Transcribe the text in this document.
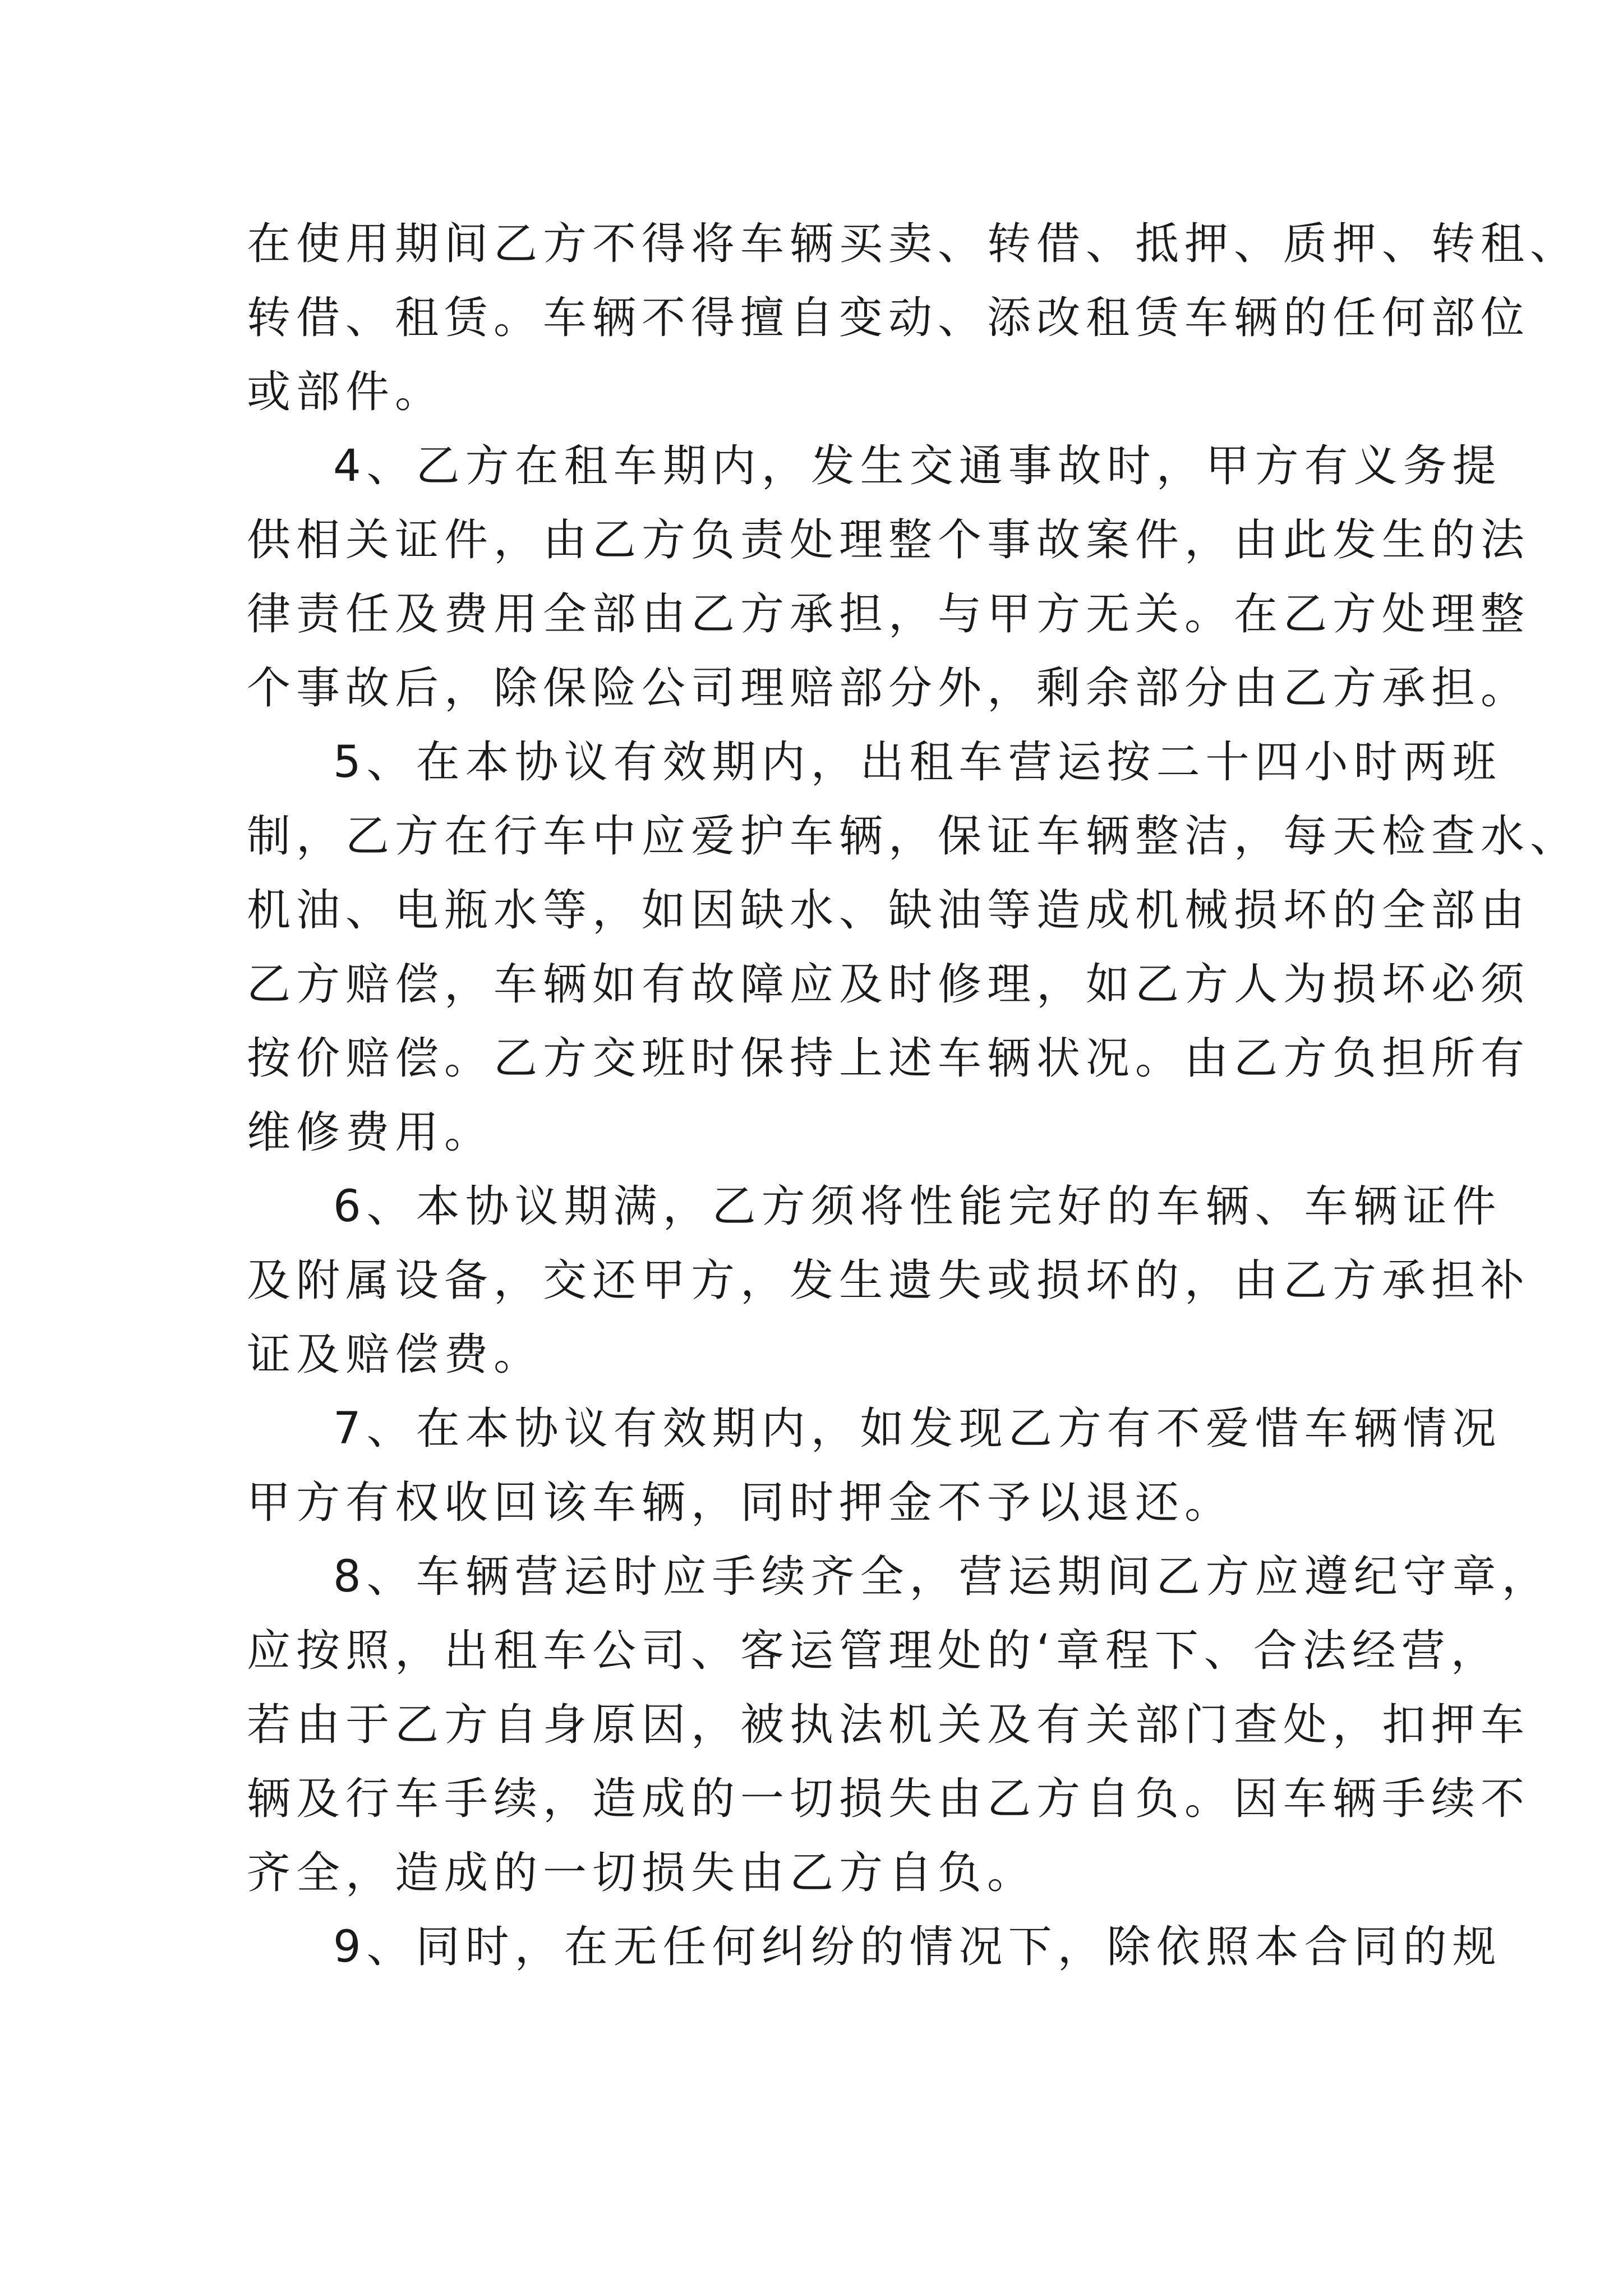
在使用期间乙方不得将车辆买卖、转借、抵押、质押、转租、
转借、租赁。车辆不得擅自变动、添改租赁车辆的任何部位
或部件。
4、乙方在租车期内，发生交通事故时，甲方有义务提
供相关证件，由乙方负责处理整个事故案件，由此发生的法
律责任及费用全部由乙方承担，与甲方无关。在乙方处理整
个事故后，除保险公司理赔部分外，剩余部分由乙方承担。
5、在本协议有效期内，出租车营运按二十四小时两班
制，乙方在行车中应爱护车辆，保证车辆整洁，每天检查水、
机油、电瓶水等，如因缺水、缺油等造成机械损坏的全部由
乙方赔偿，车辆如有故障应及时修理，如乙方人为损坏必须
按价赔偿。乙方交班时保持上述车辆状况。由乙方负担所有
维修费用。
6、本协议期满，乙方须将性能完好的车辆、车辆证件
及附属设备，交还甲方，发生遗失或损坏的，由乙方承担补
证及赔偿费。
7、在本协议有效期内，如发现乙方有不爱惜车辆情况
甲方有权收回该车辆，同时押金不予以退还。
8、车辆营运时应手续齐全，营运期间乙方应遵纪守章，
应按照，出租车公司、客运管理处的‘章程下、合法经营，
若由于乙方自身原因，被执法机关及有关部门查处，扣押车
辆及行车手续，造成的一切损失由乙方自负。因车辆手续不
齐全，造成的一切损失由乙方自负。
9、同时，在无任何纠纷的情况下，除依照本合同的规
